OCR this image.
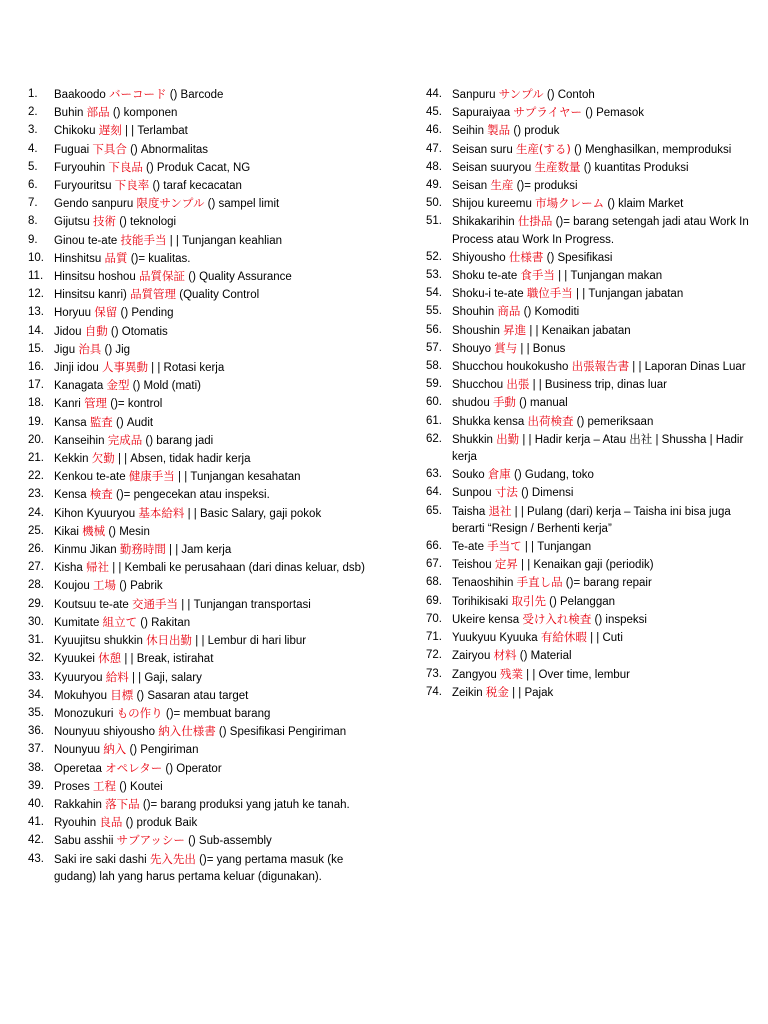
1.	Baakoodo バーコード () Barcode
2.	Buhin 部品 () komponen
3.	Chikoku 遅刻 | | Terlambat
4.	Fuguai 下具合 () Abnormalitas
5.	Furyouhin 下良品 () Produk Cacat, NG
6.	Furyouritsu 下良率 () taraf kecacatan
7.	Gendo sanpuru 限度サンプル () sampel limit
8.	Gijutsu 技術 () teknologi
9.	Ginou te-ate 技能手当 | | Tunjangan keahlian
10. Hinshitsu 品質 ()= kualitas.
11. Hinsitsu hoshou 品質保証 () Quality Assurance
12. Hinsitsu kanri) 品質管理 (Quality Control
13. Horyuu 保留 () Pending
14. Jidou 自動 () Otomatis
15. Jigu 治具 () Jig
16. Jinji idou 人事異動 | | Rotasi kerja
17. Kanagata 金型 () Mold (mati)
18. Kanri 管理 ()= kontrol
19. Kansa 監査 () Audit
20. Kanseihin 完成品 () barang jadi
21. Kekkin 欠勤 | | Absen, tidak hadir kerja
22. Kenkou te-ate 健康手当 | | Tunjangan kesahatan
23. Kensa 検査 ()= pengecekan atau inspeksi.
24. Kihon Kyuuryou 基本給料 | | Basic Salary, gaji pokok
25. Kikai 機械 () Mesin
26. Kinmu Jikan 勤務時間 | | Jam kerja
27. Kisha 帰社 | | Kembali ke perusahaan (dari dinas keluar, dsb)
28. Koujou 工場 () Pabrik
29. Koutsuu te-ate 交通手当 | | Tunjangan transportasi
30. Kumitate 組立て () Rakitan
31. Kyuujitsu shukkin 休日出勤 | | Lembur di hari libur
32. Kyuukei 休憩 | | Break, istirahat
33. Kyuuryou 給料 | | Gaji, salary
34. Mokuhyou 目標 () Sasaran atau target
35. Monozukuri もの作り ()= membuat barang
36. Nounyuu shiyousho 納入仕様書 () Spesifikasi Pengiriman
37. Nounyuu 納入 () Pengiriman
38. Operetaa オペレター () Operator
39. Proses 工程 () Koutei
40. Rakkahin 落下品 ()= barang produksi yang jatuh ke tanah.
41. Ryouhin 良品 () produk Baik
42. Sabu asshii サブアッシー () Sub-assembly
43. Saki ire saki dashi 先入先出 ()= yang pertama masuk (ke gudang) lah yang harus pertama keluar (digunakan).
44. Sanpuru サンプル () Contoh
45. Sapuraiyaa サプライヤー () Pemasok
46. Seihin 製品 () produk
47. Seisan suru 生産(する) () Menghasilkan, memproduksi
48. Seisan suuryou 生産数量 () kuantitas Produksi
49. Seisan 生産 ()= produksi
50. Shijou kureemu 市場クレーム () klaim Market
51. Shikakarihin 仕掛品 ()= barang setengah jadi atau Work In Process atau Work In Progress.
52. Shiyousho 仕様書 () Spesifikasi
53. Shoku te-ate 食手当 | | Tunjangan makan
54. Shoku-i te-ate 職位手当 | | Tunjangan jabatan
55. Shouhin 商品 () Komoditi
56. Shoushin 昇進 | | Kenaikan jabatan
57. Shouyo 賞与 | | Bonus
58. Shucchou houkokusho 出張報告書 | | Laporan Dinas Luar
59. Shucchou 出張 | | Business trip, dinas luar
60. shudou 手動 () manual
61. Shukka kensa 出荷検査 () pemeriksaan
62. Shukkin 出勤 | | Hadir kerja – Atau 出社 | Shussha | Hadir kerja
63. Souko 倉庫 () Gudang, toko
64. Sunpou 寸法 () Dimensi
65. Taisha 退社 | | Pulang (dari) kerja – Taisha ini bisa juga berarti “Resign / Berhenti kerja”
66. Te-ate 手当て | | Tunjangan
67. Teishou 定昇 | | Kenaikan gaji (periodik)
68. Tenaoshihin 手直し品 ()= barang repair
69. Torihikisaki 取引先 () Pelanggan
70. Ukeire kensa 受け入れ検査 () inspeksi
71. Yuukyuu Kyuuka 有給休暇 | | Cuti
72. Zairyou 材料 () Material
73. Zangyou 残業 | | Over time, lembur
74. Zeikin 税金 | | Pajak
